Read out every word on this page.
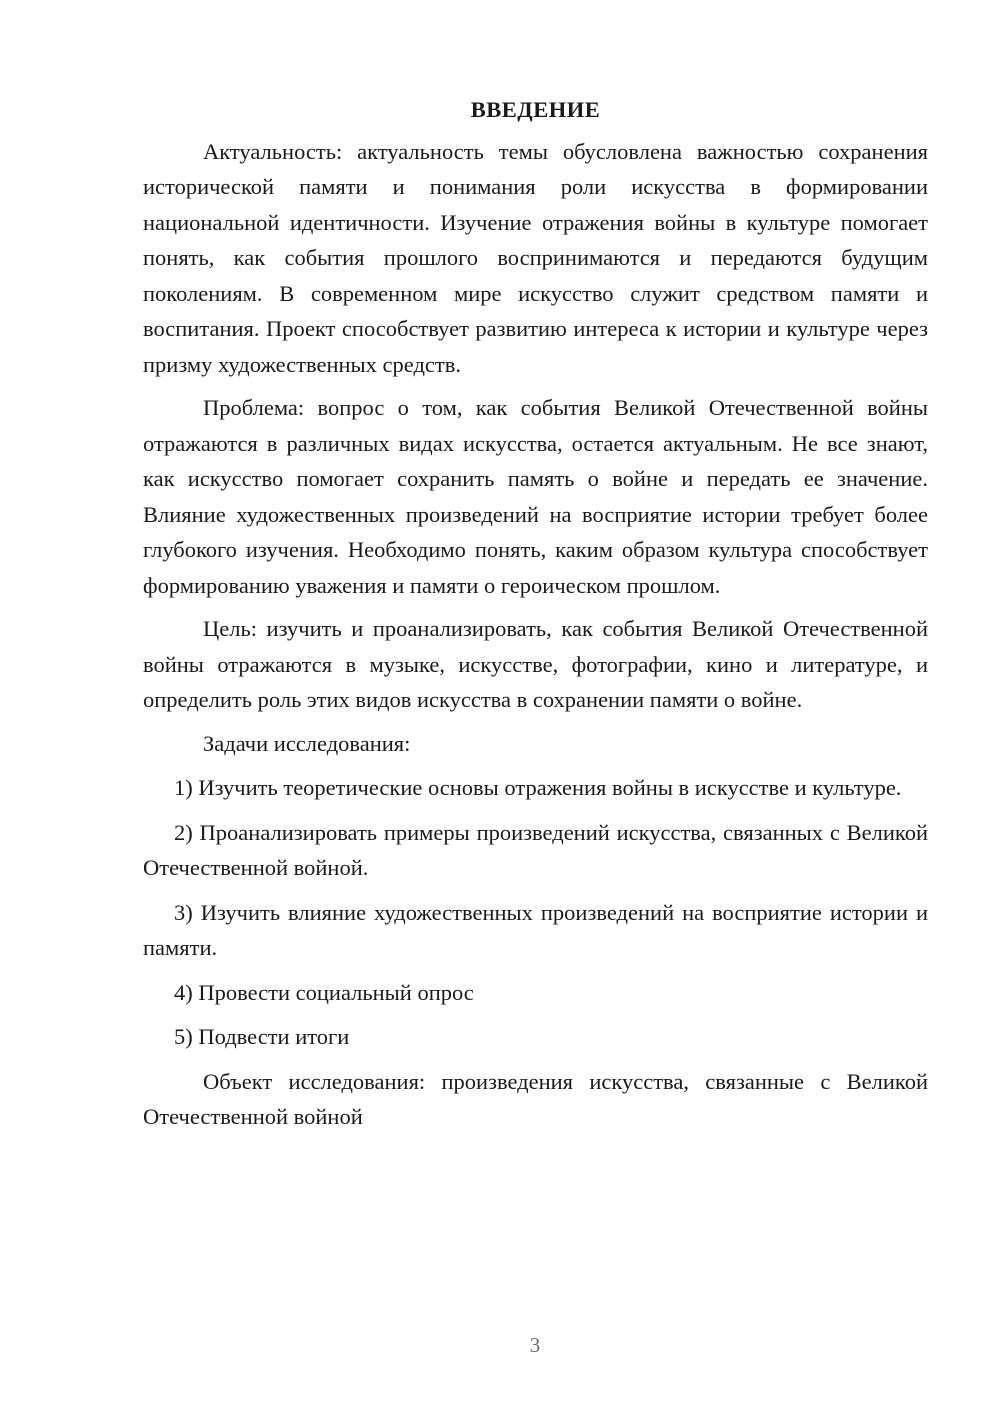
ВВЕДЕНИЕ

Актуальность: актуальность темы обусловлена важностью сохранения исторической памяти и понимания роли искусства в формировании национальной идентичности. Изучение отражения войны в культуре помогает понять, как события прошлого воспринимаются и передаются будущим поколениям. В современном мире искусство служит средством памяти и воспитания. Проект способствует развитию интереса к истории и культуре через призму художественных средств.

Проблема: вопрос о том, как события Великой Отечественной войны отражаются в различных видах искусства, остается актуальным. Не все знают, как искусство помогает сохранить память о войне и передать ее значение. Влияние художественных произведений на восприятие истории требует более глубокого изучения. Необходимо понять, каким образом культура способствует формированию уважения и памяти о героическом прошлом.

Цель: изучить и проанализировать, как события Великой Отечественной войны отражаются в музыке, искусстве, фотографии, кино и литературе, и определить роль этих видов искусства в сохранении памяти о войне.

Задачи исследования:

1) Изучить теоретические основы отражения войны в искусстве и культуре.

2) Проанализировать примеры произведений искусства, связанных с Великой Отечественной войной.

3) Изучить влияние художественных произведений на восприятие истории и памяти.

4) Провести социальный опрос

5) Подвести итоги

Объект исследования: произведения искусства, связанные с Великой Отечественной войной

3
